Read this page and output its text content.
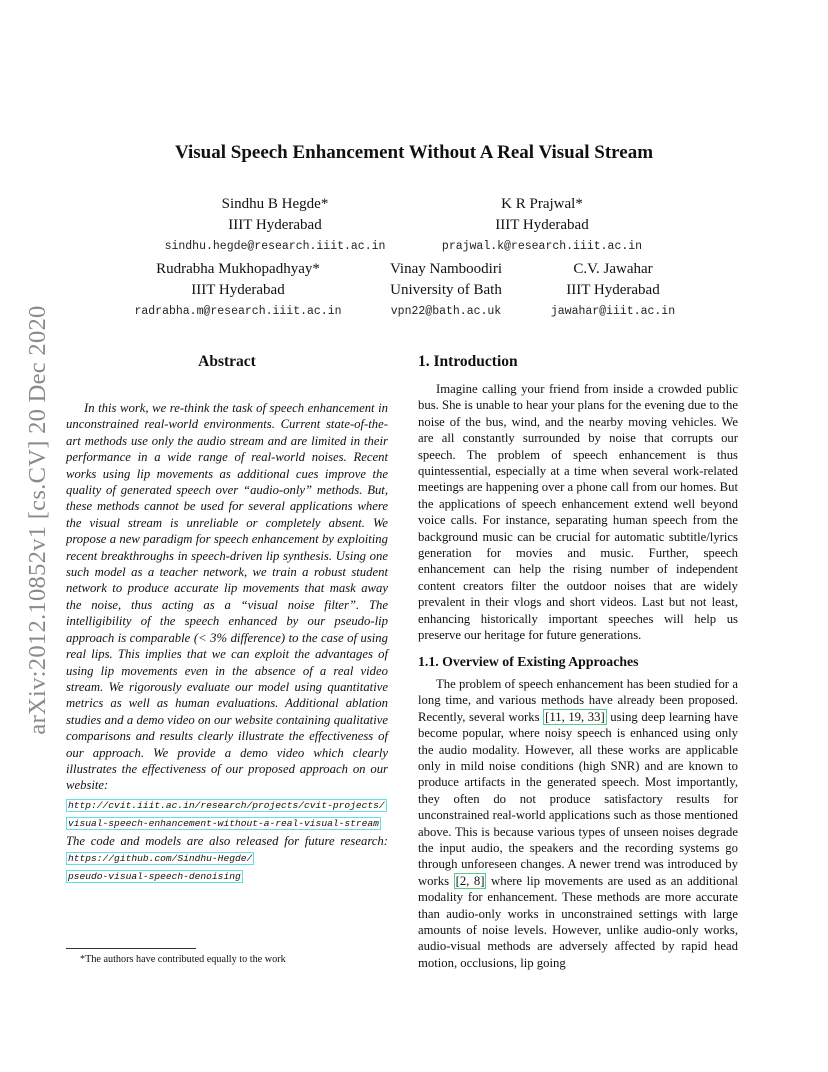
arXiv:2012.10852v1 [cs.CV] 20 Dec 2020
Visual Speech Enhancement Without A Real Visual Stream
Sindhu B Hegde*
IIIT Hyderabad
sindhu.hegde@research.iiit.ac.in
K R Prajwal*
IIIT Hyderabad
prajwal.k@research.iiit.ac.in
Rudrabha Mukhopadhyay*
IIIT Hyderabad
radrabha.m@research.iiit.ac.in
Vinay Namboodiri
University of Bath
vpn22@bath.ac.uk
C.V. Jawahar
IIIT Hyderabad
jawahar@iiit.ac.in
Abstract

In this work, we re-think the task of speech enhancement in unconstrained real-world environments. Current state-of-the-art methods use only the audio stream and are limited in their performance in a wide range of real-world noises. Recent works using lip movements as additional cues improve the quality of generated speech over “audio-only” methods. But, these methods cannot be used for several applications where the visual stream is unreliable or completely absent. We propose a new paradigm for speech enhancement by exploiting recent breakthroughs in speech-driven lip synthesis. Using one such model as a teacher network, we train a robust student network to produce accurate lip movements that mask away the noise, thus acting as a “visual noise filter”. The intelligibility of the speech enhanced by our pseudo-lip approach is comparable (< 3% difference) to the case of using real lips. This implies that we can exploit the advantages of using lip movements even in the absence of a real video stream. We rigorously evaluate our model using quantitative metrics as well as human evaluations. Additional ablation studies and a demo video on our website containing qualitative comparisons and results clearly illustrate the effectiveness of our approach. We provide a demo video which clearly illustrates the effectiveness of our proposed approach on our website:

http://cvit.iiit.ac.in/research/projects/cvit-projects/
visual-speech-enhancement-without-a-real-visual-stream
The code and models are also released for future research: https://github.com/Sindhu-Hegde/
pseudo-visual-speech-denoising
*The authors have contributed equally to the work
1. Introduction

Imagine calling your friend from inside a crowded public bus. She is unable to hear your plans for the evening due to the noise of the bus, wind, and the nearby moving vehicles. We are all constantly surrounded by noise that corrupts our speech. The problem of speech enhancement is thus quintessential, especially at a time when several work-related meetings are happening over a phone call from our homes. But the applications of speech enhancement extend well beyond voice calls. For instance, separating human speech from the background music can be crucial for automatic subtitle/lyrics generation for movies and music. Further, speech enhancement can help the rising number of independent content creators filter the outdoor noises that are widely prevalent in their vlogs and short videos. Last but not least, enhancing historically important speeches will help us preserve our heritage for future generations.

1.1. Overview of Existing Approaches

The problem of speech enhancement has been studied for a long time, and various methods have already been proposed. Recently, several works [11, 19, 33] using deep learning have become popular, where noisy speech is enhanced using only the audio modality. However, all these works are applicable only in mild noise conditions (high SNR) and are known to produce artifacts in the generated speech. Most importantly, they often do not produce satisfactory results for unconstrained real-world applications such as those mentioned above. This is because various types of unseen noises degrade the input audio, the speakers and the recording systems go through unforeseen changes. A newer trend was introduced by works [2, 8] where lip movements are used as an additional modality for enhancement. These methods are more accurate than audio-only works in unconstrained settings with large amounts of noise levels. However, unlike audio-only works, audio-visual methods are adversely affected by rapid head motion, occlusions, lip going
